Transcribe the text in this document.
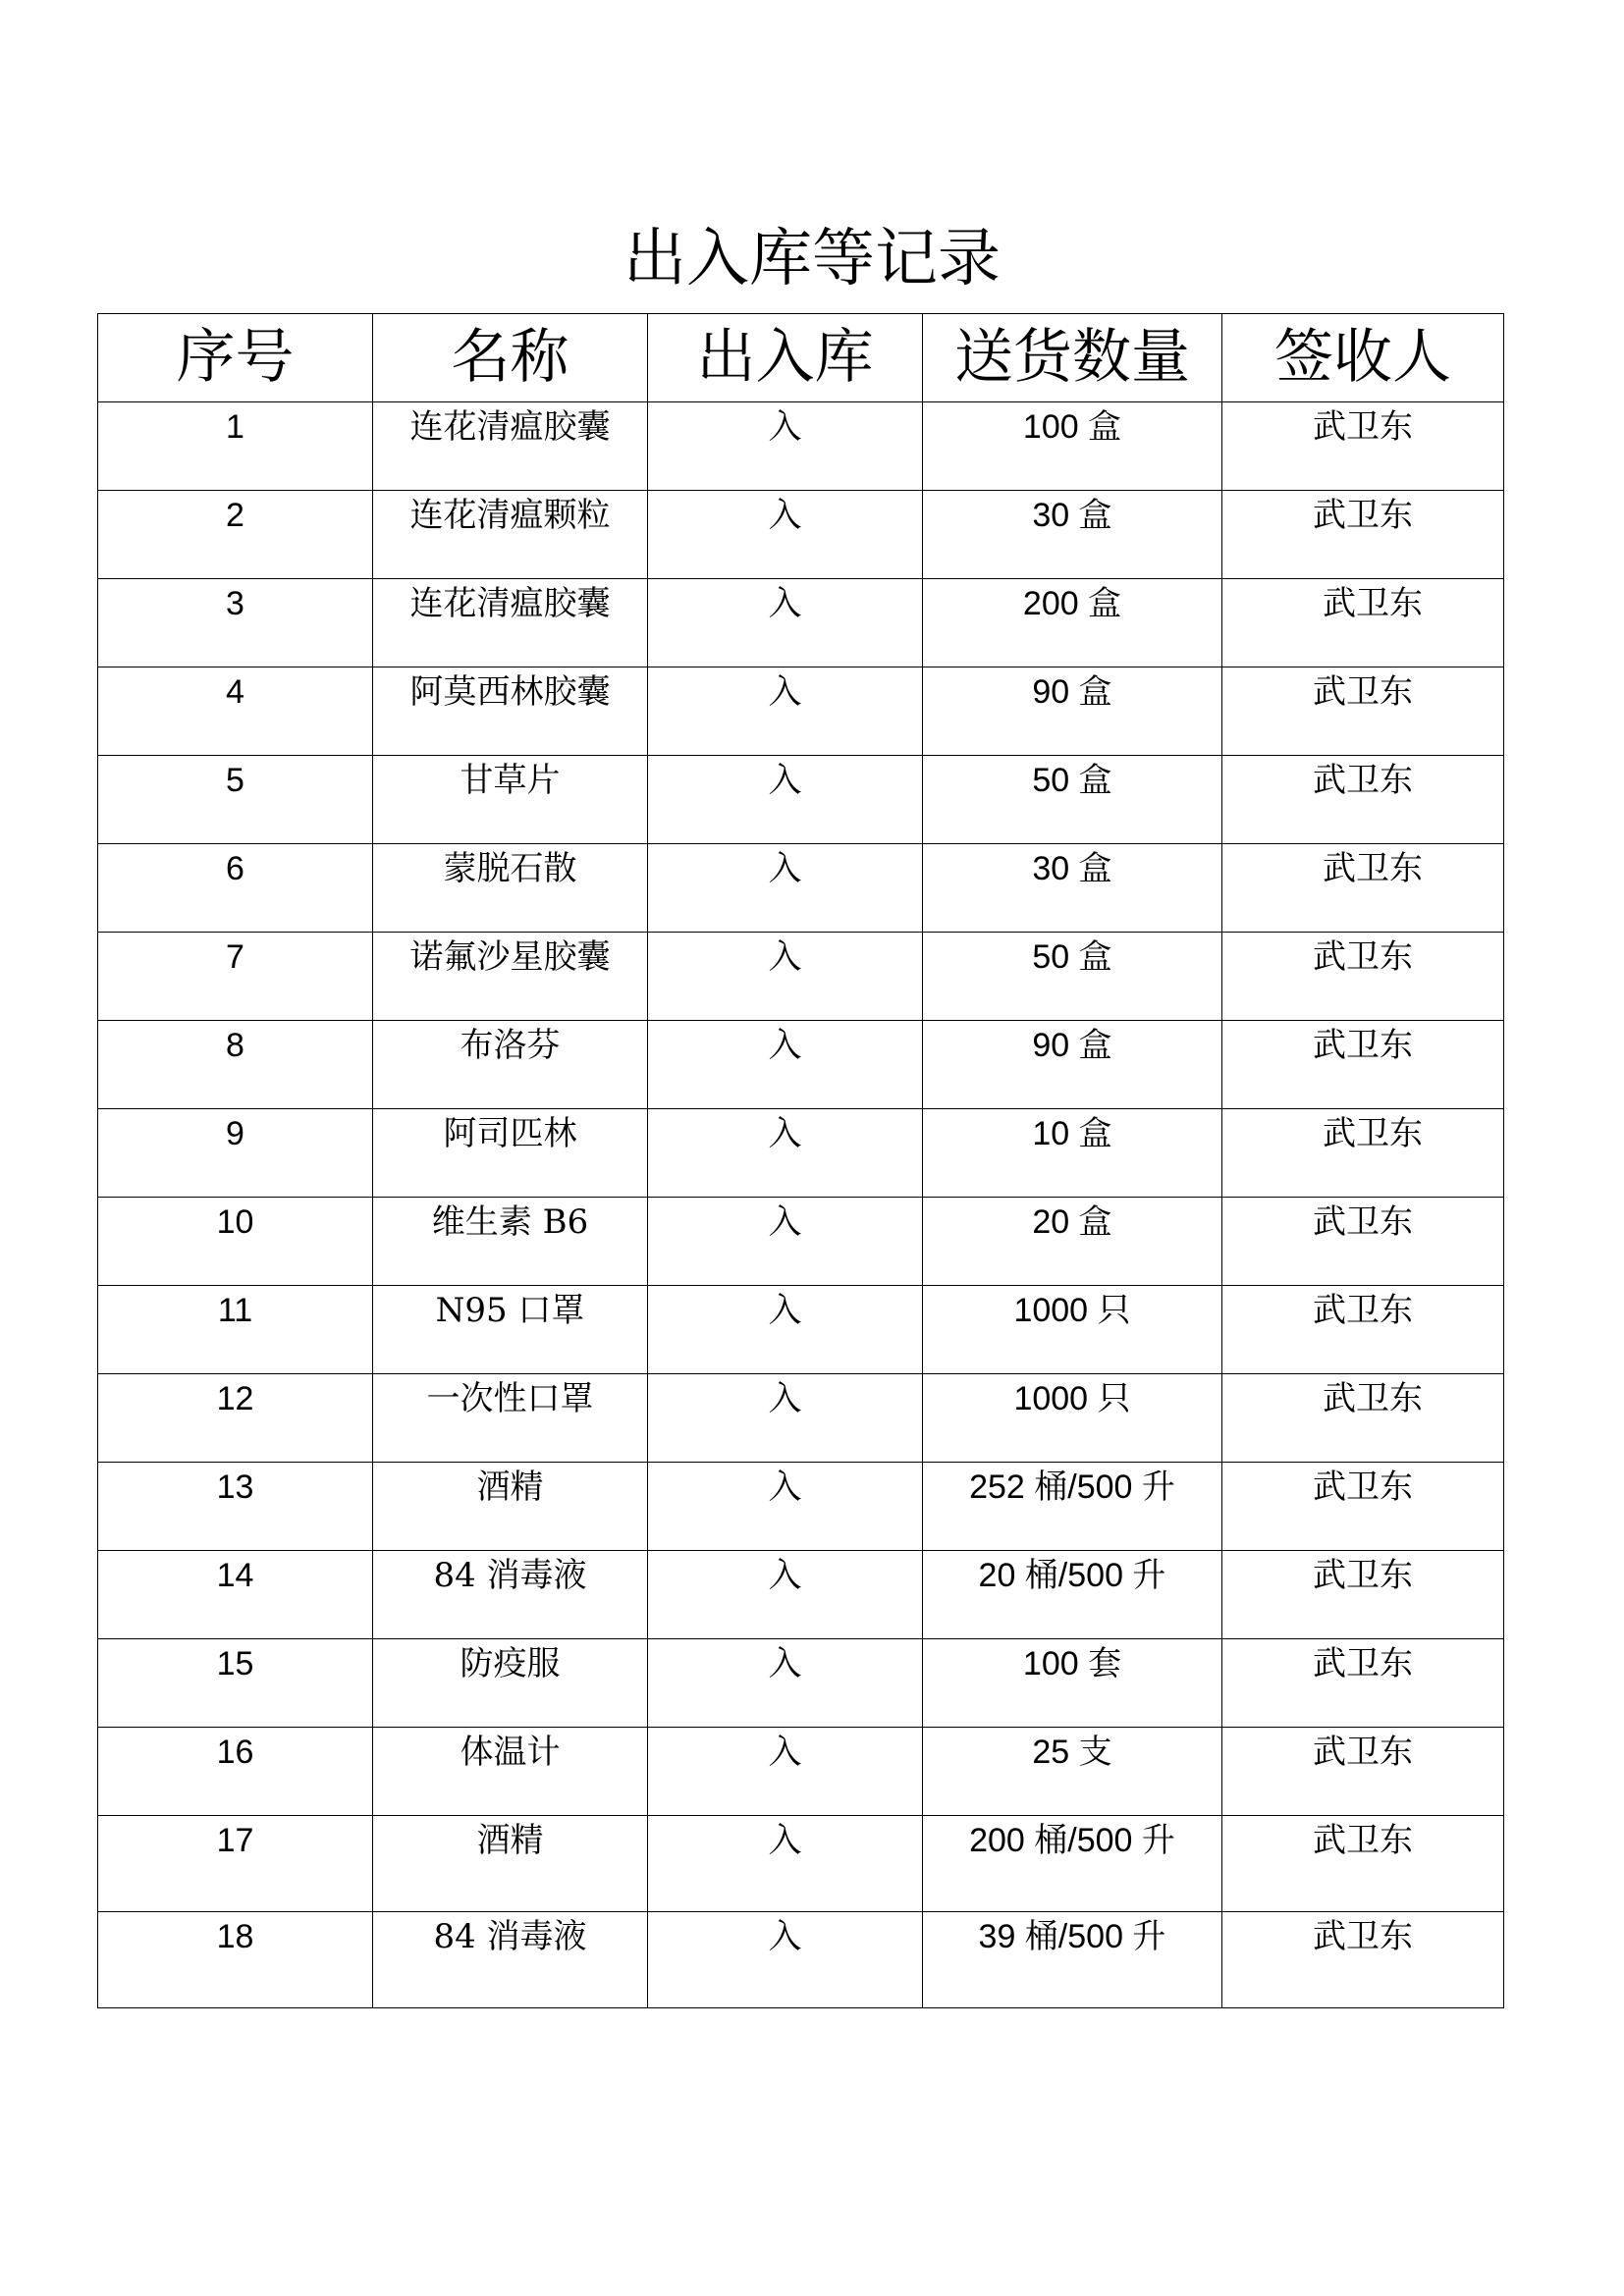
出入库等记录
序号	名称	出入库	送货数量	签收人
1	连花清瘟胶囊	入	100 盒	武卫东
2	连花清瘟颗粒	入	30 盒	武卫东
3	连花清瘟胶囊	入	200 盒	武卫东
4	阿莫西林胶囊	入	90 盒	武卫东
5	甘草片	入	50 盒	武卫东
6	蒙脱石散	入	30 盒	武卫东
7	诺氟沙星胶囊	入	50 盒	武卫东
8	布洛芬	入	90 盒	武卫东
9	阿司匹林	入	10 盒	武卫东
10	维生素 B6	入	20 盒	武卫东
11	N95 口罩	入	1000 只	武卫东
12	一次性口罩	入	1000 只	武卫东
13	酒精	入	252 桶/500 升	武卫东
14	84 消毒液	入	20 桶/500 升	武卫东
15	防疫服	入	100 套	武卫东
16	体温计	入	25 支	武卫东
17	酒精	入	200 桶/500 升	武卫东
18	84 消毒液	入	39 桶/500 升	武卫东
